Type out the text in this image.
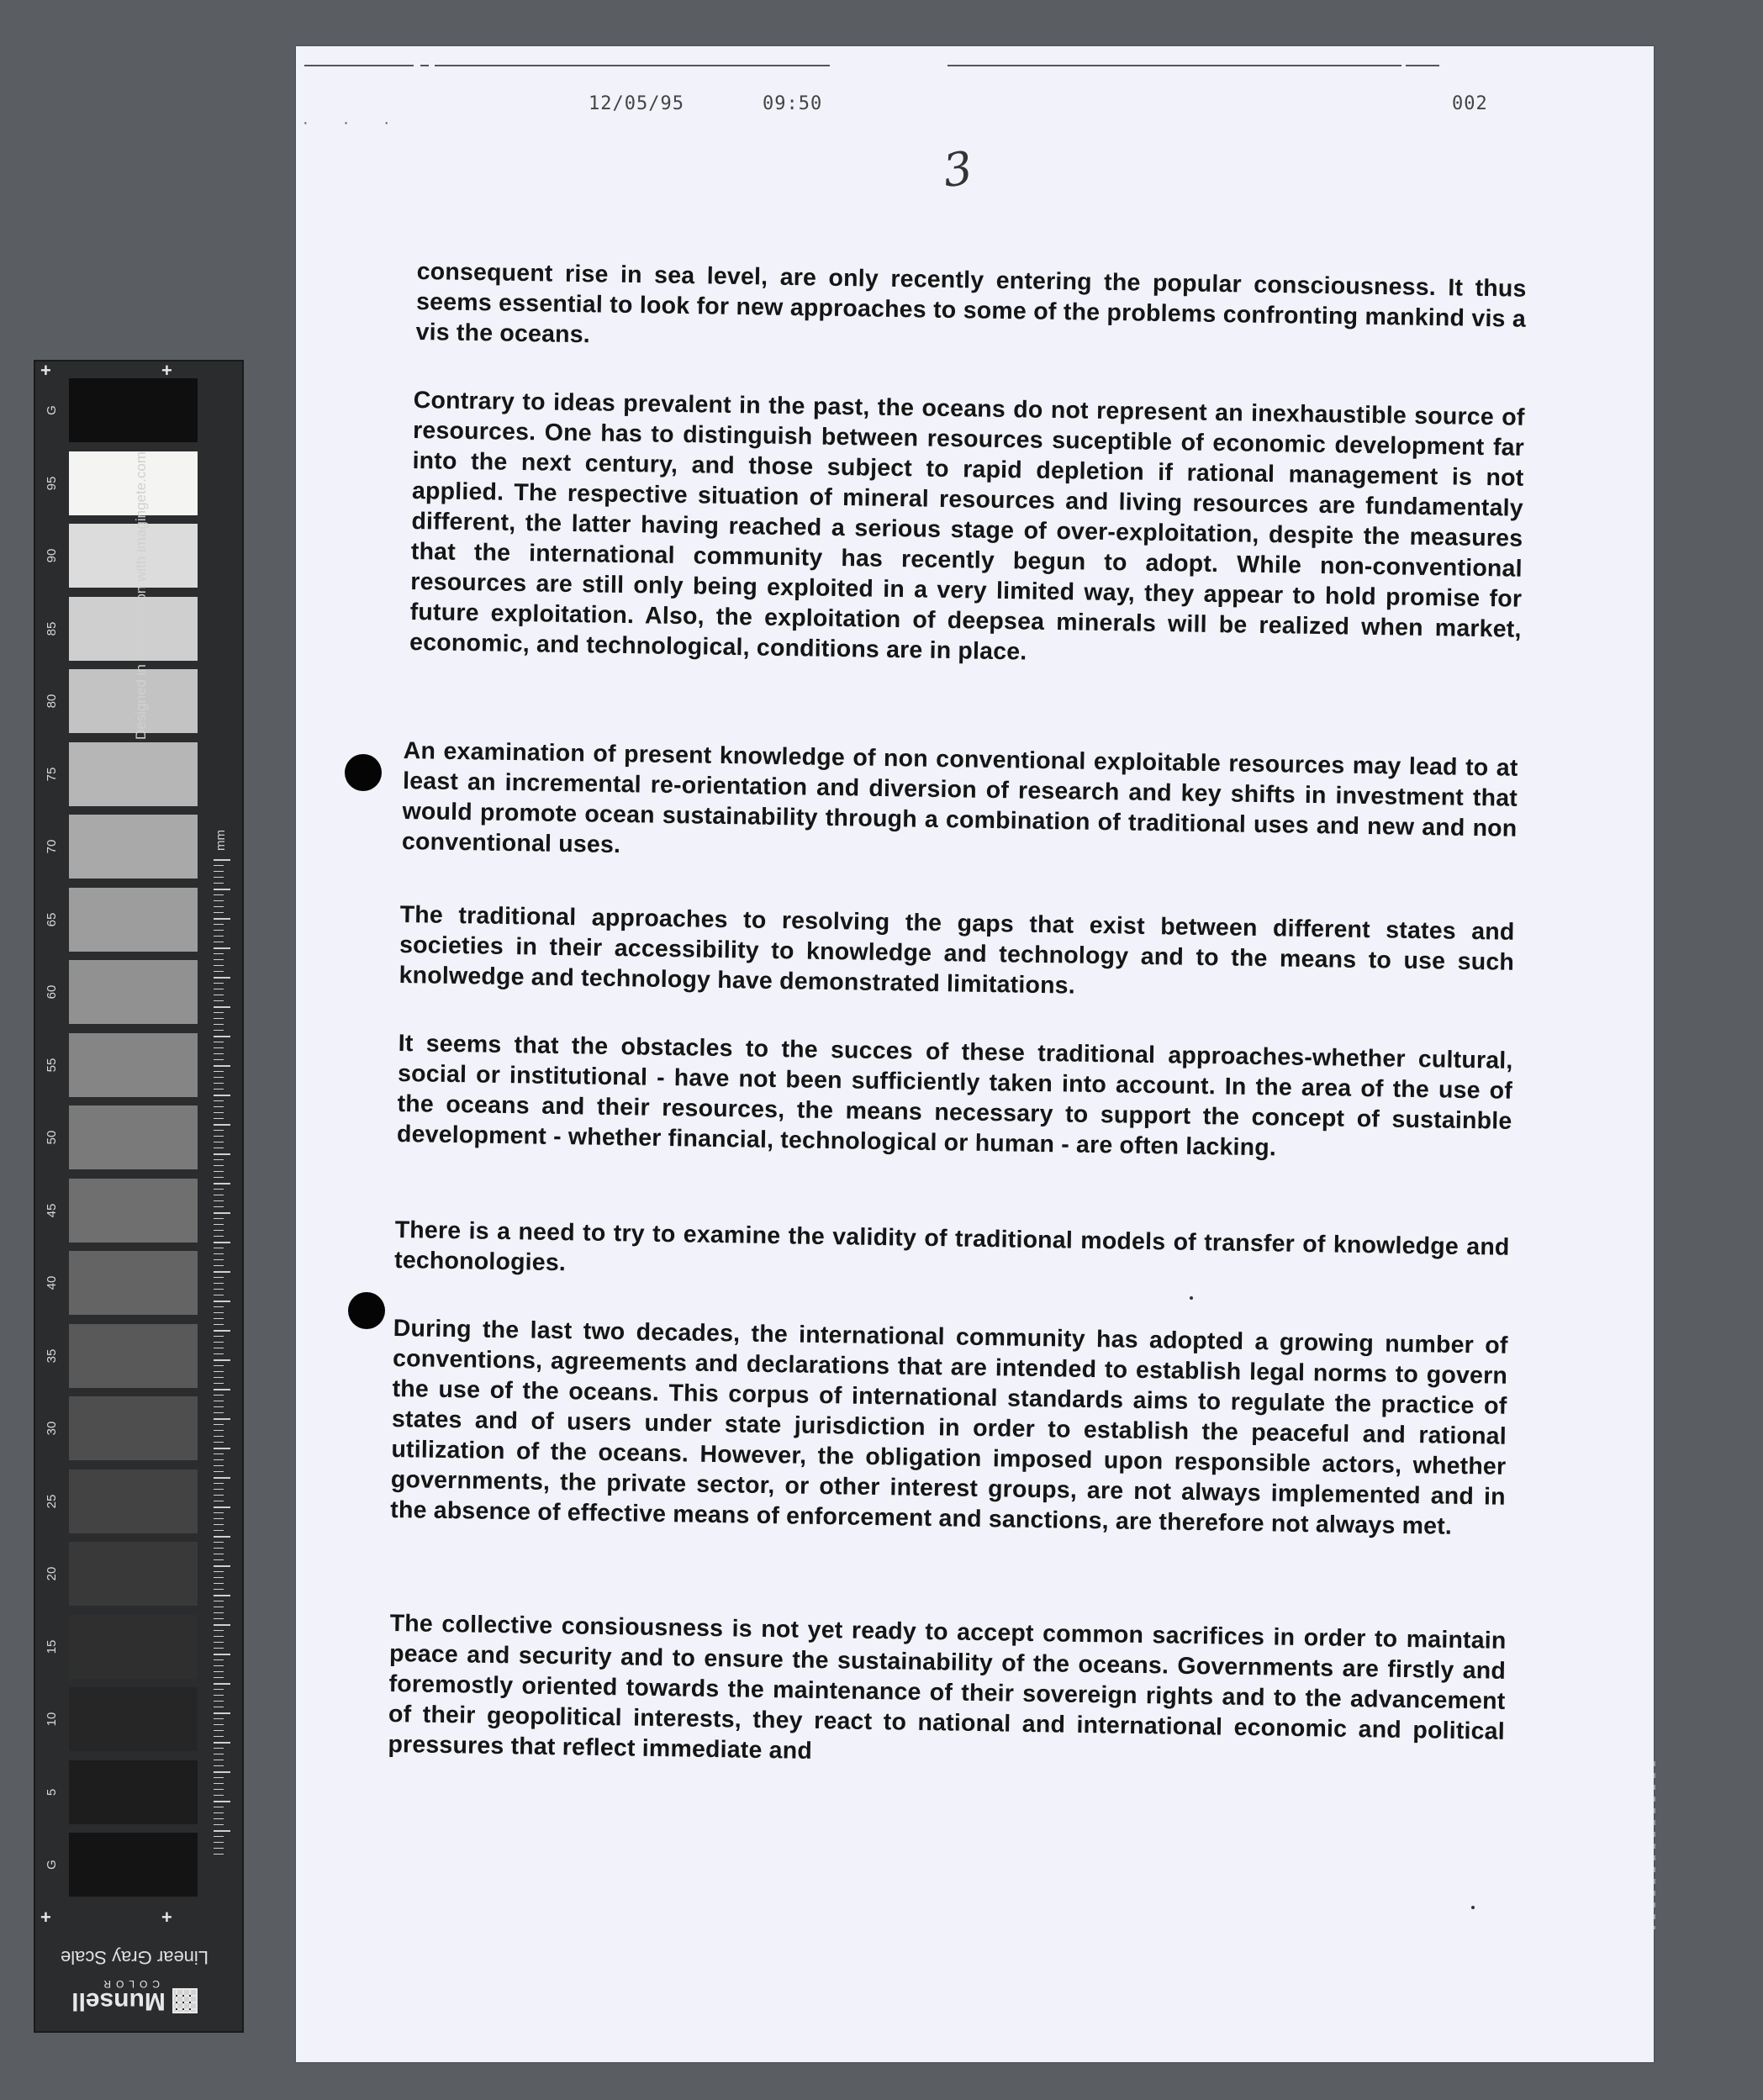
G
95
90
85
80
75
70
65
60
55
50
45
40
35
30
25
20
15
10
5
G
+	+
+	+
Designed in cooperation with imagingete.com
mm
Linear Gray Scale
Munsell
COLOR
· · ·
12/05/95	09:50	002
3
consequent rise in sea level, are only recently entering the popular consciousness. It thus seems essential to look for new approaches to some of the problems confronting mankind vis a vis the oceans.
Contrary to ideas prevalent in the past, the oceans do not represent an inexhaustible source of resources. One has to distinguish between resources suceptible of economic development far into the next century, and those subject to rapid depletion if rational management is not applied. The respective situation of mineral resources and living resources are fundamentaly different, the latter having reached a serious stage of over-exploitation, despite the measures that the international community has recently begun to adopt. While non-conventional resources are still only being exploited in a very limited way, they appear to hold promise for future exploitation. Also, the exploitation of deepsea minerals will be realized when market, economic, and technological, conditions are in place.
An examination of present knowledge of non conventional exploitable resources may lead to at least an incremental re-orientation and diversion of research and key shifts in investment that would promote ocean sustainability through a combination of traditional uses and new and non conventional uses.
The traditional approaches to resolving the gaps that exist between different states and societies in their accessibility to knowledge and technology and to the means to use such knolwedge and technology have demonstrated limitations.
It seems that the obstacles to the succes of these traditional approaches-whether cultural, social or institutional - have not been sufficiently taken into account. In the area of the use of the oceans and their resources, the means necessary to support the concept of sustainble development - whether financial, technological or human - are often lacking.
There is a need to try to examine the validity of traditional models of transfer of knowledge and techonologies.
During the last two decades, the international community has adopted a growing number of conventions, agreements and declarations that are intended to establish legal norms to govern the use of the oceans. This corpus of international standards aims to regulate the practice of states and of users under state jurisdiction in order to establish the peaceful and rational utilization of the oceans. However, the obligation imposed upon responsible actors, whether governments, the private sector, or other interest groups, are not always implemented and in the absence of effective means of enforcement and sanctions, are therefore not always met.
The collective consiousness is not yet ready to accept common sacrifices in order to maintain peace and security and to ensure the sustainability of the oceans. Governments are firstly and foremostly oriented towards the maintenance of their sovereign rights and to the advancement of their geopolitical interests, they react to national and international economic and political pressures that reflect immediate and
